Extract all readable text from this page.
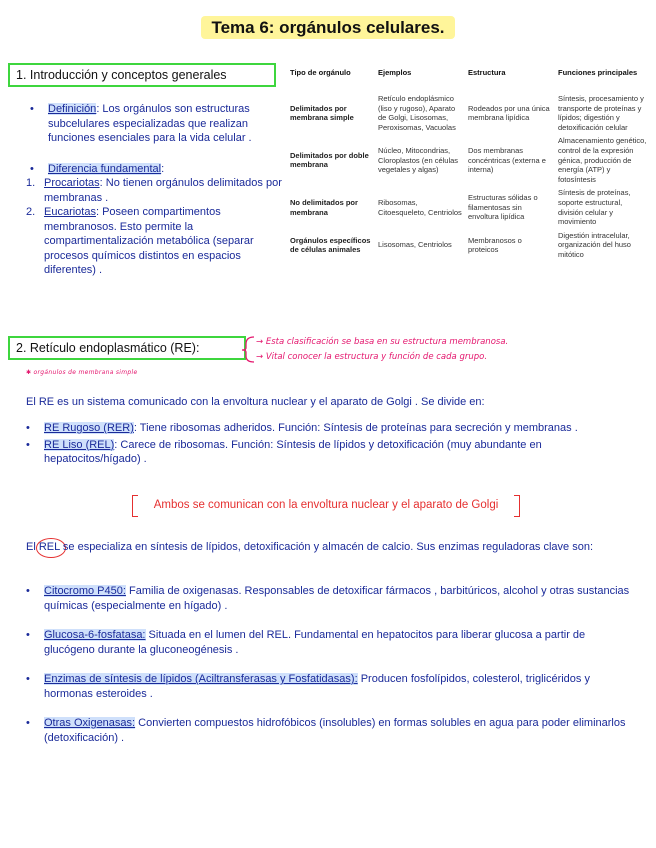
Tema 6: orgánulos celulares.
1. Introducción y conceptos generales
• Definición: Los orgánulos son estructuras subcelulares especializadas que realizan funciones esenciales para la vida celular .
• Diferencia fundamental:
1. Procariotas: No tienen orgánulos delimitados por membranas .
2. Eucariotas: Poseen compartimentos membranosos. Esto permite la compartimentalización metabólica (separar procesos químicos distintos en espacios diferentes) .
Tipo de orgánulo	Ejemplos	Estructura	Funciones principales
Delimitados por membrana simple	Retículo endoplásmico (liso y rugoso), Aparato de Golgi, Lisosomas, Peroxisomas, Vacuolas	Rodeados por una única membrana lipídica	Síntesis, procesamiento y transporte de proteínas y lípidos; digestión y detoxificación celular
Delimitados por doble membrana	Núcleo, Mitocondrias, Cloroplastos (en células vegetales y algas)	Dos membranas concéntricas (externa e interna)	Almacenamiento genético, control de la expresión génica, producción de energía (ATP) y fotosíntesis
No delimitados por membrana	Ribosomas, Citoesqueleto, Centriolos	Estructuras sólidas o filamentosas sin envoltura lipídica	Síntesis de proteínas, soporte estructural, división celular y movimiento
Orgánulos específicos de células animales	Lisosomas, Centriolos	Membranosos o proteicos	Digestión intracelular, organización del huso mitótico
2. Retículo endoplasmático (RE):	→ Esta clasificación se basa en su estructura membranosa.
→ Vital conocer la estructura y función de cada grupo.
✱ orgánulos de membrana simple
El RE es un sistema comunicado con la envoltura nuclear y el aparato de Golgi . Se divide en:
• RE Rugoso (RER): Tiene ribosomas adheridos. Función: Síntesis de proteínas para secreción y membranas .
• RE Liso (REL): Carece de ribosomas. Función: Síntesis de lípidos y detoxificación (muy abundante en hepatocitos/hígado) .
Ambos se comunican con la envoltura nuclear y el aparato de Golgi
El REL se especializa en síntesis de lípidos, detoxificación y almacén de calcio. Sus enzimas reguladoras clave son:
• Citocromo P450: Familia de oxigenasas. Responsables de detoxificar fármacos , barbitúricos, alcohol y otras sustancias químicas (especialmente en hígado) .
• Glucosa-6-fosfatasa: Situada en el lumen del REL. Fundamental en hepatocitos para liberar glucosa a partir de glucógeno durante la gluconeogénesis .
• Enzimas de síntesis de lípidos (Aciltransferasas y Fosfatidasas): Producen fosfolípidos, colesterol, triglicéridos y hormonas esteroides .
• Otras Oxigenasas: Convierten compuestos hidrofóbicos (insolubles) en formas solubles en agua para poder eliminarlos (detoxificación) .
